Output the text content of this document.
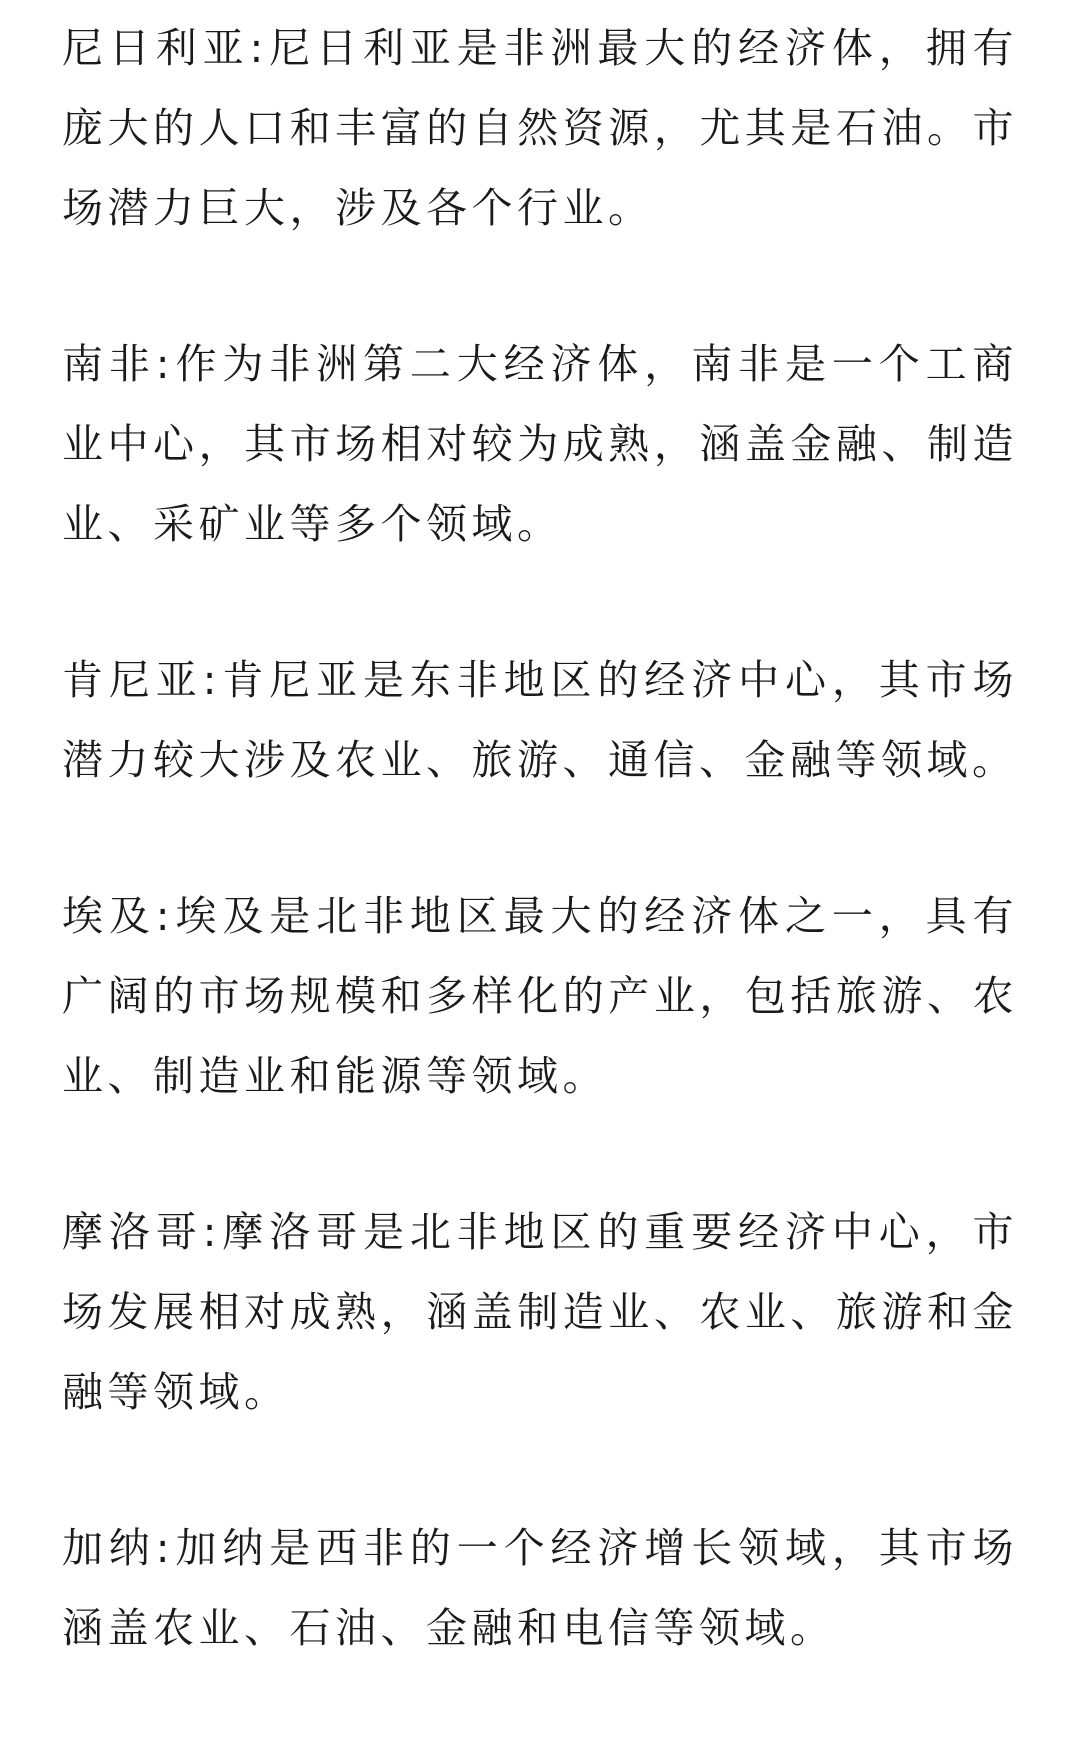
尼日利亚:尼日利亚是非洲最大的经济体，拥有庞大的人口和丰富的自然资源，尤其是石油。市场潜力巨大，涉及各个行业。

南非:作为非洲第二大经济体，南非是一个工商业中心，其市场相对较为成熟，涵盖金融、制造业、采矿业等多个领域。

肯尼亚:肯尼亚是东非地区的经济中心，其市场潜力较大涉及农业、旅游、通信、金融等领域。

埃及:埃及是北非地区最大的经济体之一，具有广阔的市场规模和多样化的产业，包括旅游、农业、制造业和能源等领域。

摩洛哥:摩洛哥是北非地区的重要经济中心，市场发展相对成熟，涵盖制造业、农业、旅游和金融等领域。

加纳:加纳是西非的一个经济增长领域，其市场涵盖农业、石油、金融和电信等领域。
